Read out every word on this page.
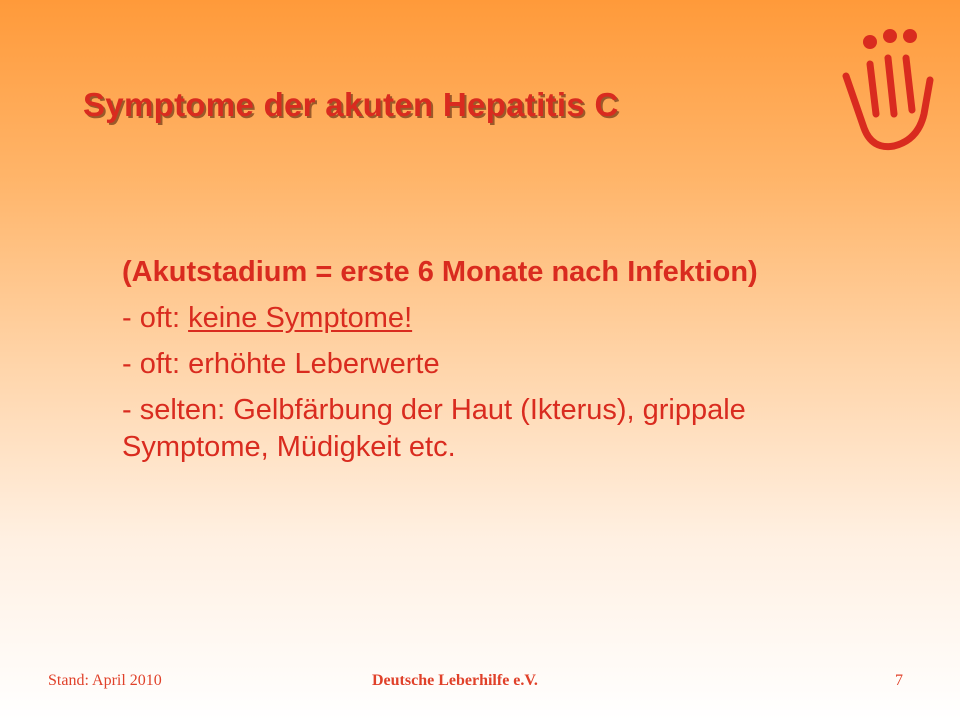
Symptome der akuten Hepatitis C
(Akutstadium = erste 6 Monate nach Infektion)
- oft: keine Symptome!
- oft: erhöhte Leberwerte
- selten: Gelbfärbung der Haut (Ikterus), grippale Symptome, Müdigkeit etc.
Stand: April 2010	Deutsche Leberhilfe e.V.	7
